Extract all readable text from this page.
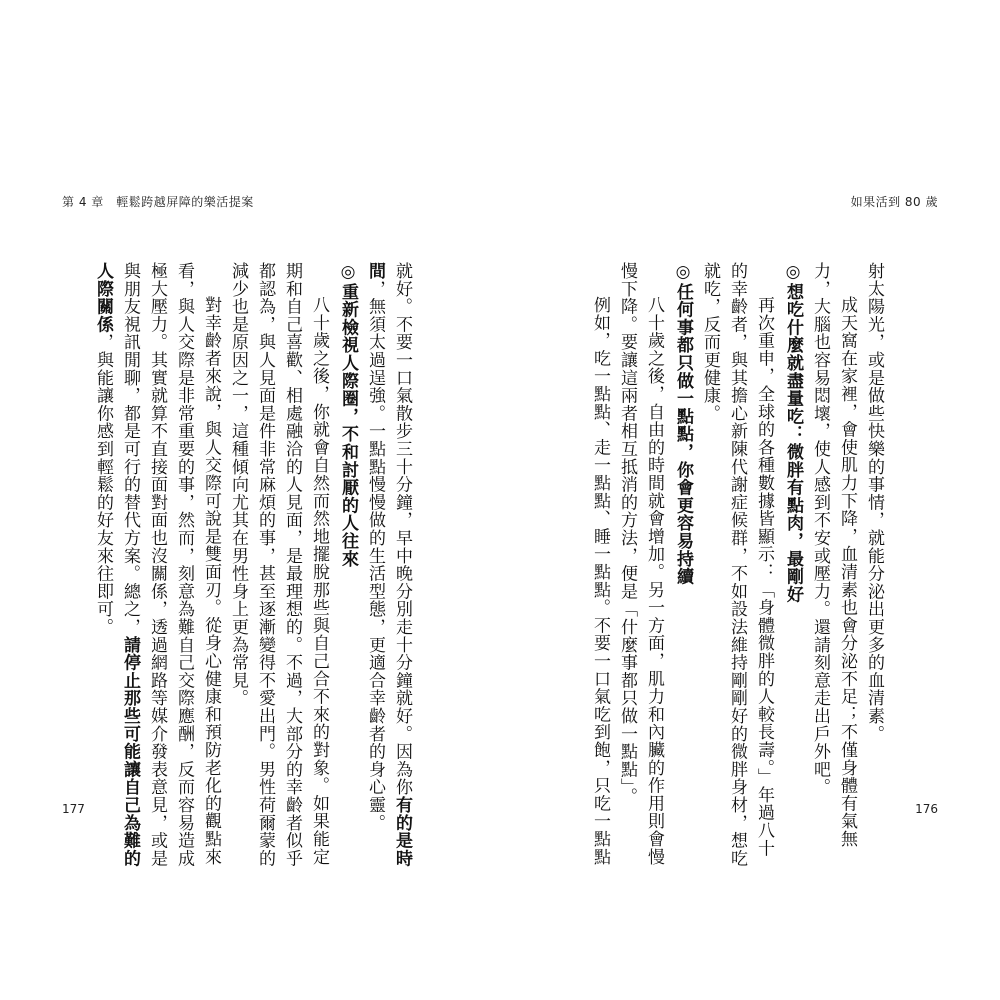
第 4 章　輕鬆跨越屏障的樂活提案	如果活到 80 歲

就好。不要一口氣散步三十分鐘，早中晚分別走十分鐘就好。因為你有的是時

間，無須太過逞強。一點點慢慢做的生活型態，更適合幸齡者的身心靈。

◎重新檢視人際圈，不和討厭的人往來

八十歲之後，你就會自然而然地擺脫那些與自己合不來的對象。如果能定

期和自己喜歡、相處融洽的人見面，是最理想的。不過，大部分的幸齡者似乎

都認為，與人見面是件非常麻煩的事，甚至逐漸變得不愛出門。男性荷爾蒙的

減少也是原因之一，這種傾向尤其在男性身上更為常見。

對幸齡者來說，與人交際可說是雙面刃。從身心健康和預防老化的觀點來

看，與人交際是非常重要的事，然而，刻意為難自己交際應酬，反而容易造成

極大壓力。其實就算不直接面對面也沒關係，透過網路等媒介發表意見，或是

與朋友視訊閒聊，都是可行的替代方案。總之，請停止那些可能讓自己為難的

人際關係，與能讓你感到輕鬆的好友來往即可。	射太陽光，或是做些快樂的事情，就能分泌出更多的血清素。

成天窩在家裡，會使肌力下降，血清素也會分泌不足；不僅身體有氣無

力，大腦也容易悶壞，使人感到不安或壓力。還請刻意走出戶外吧。

◎想吃什麼就盡量吃：微胖有點肉，最剛好

再次重申，全球的各種數據皆顯示：「身體微胖的人較長壽。」年過八十

的幸齡者，與其擔心新陳代謝症候群，不如設法維持剛剛好的微胖身材，想吃

就吃，反而更健康。

◎任何事都只做一點點，你會更容易持續

八十歲之後，自由的時間就會增加。另一方面，肌力和內臟的作用則會慢

慢下降。要讓這兩者相互抵消的方法，便是「什麼事都只做一點點」。

例如，吃一點點、走一點點、睡一點點。不要一口氣吃到飽，只吃一點點

177	176
